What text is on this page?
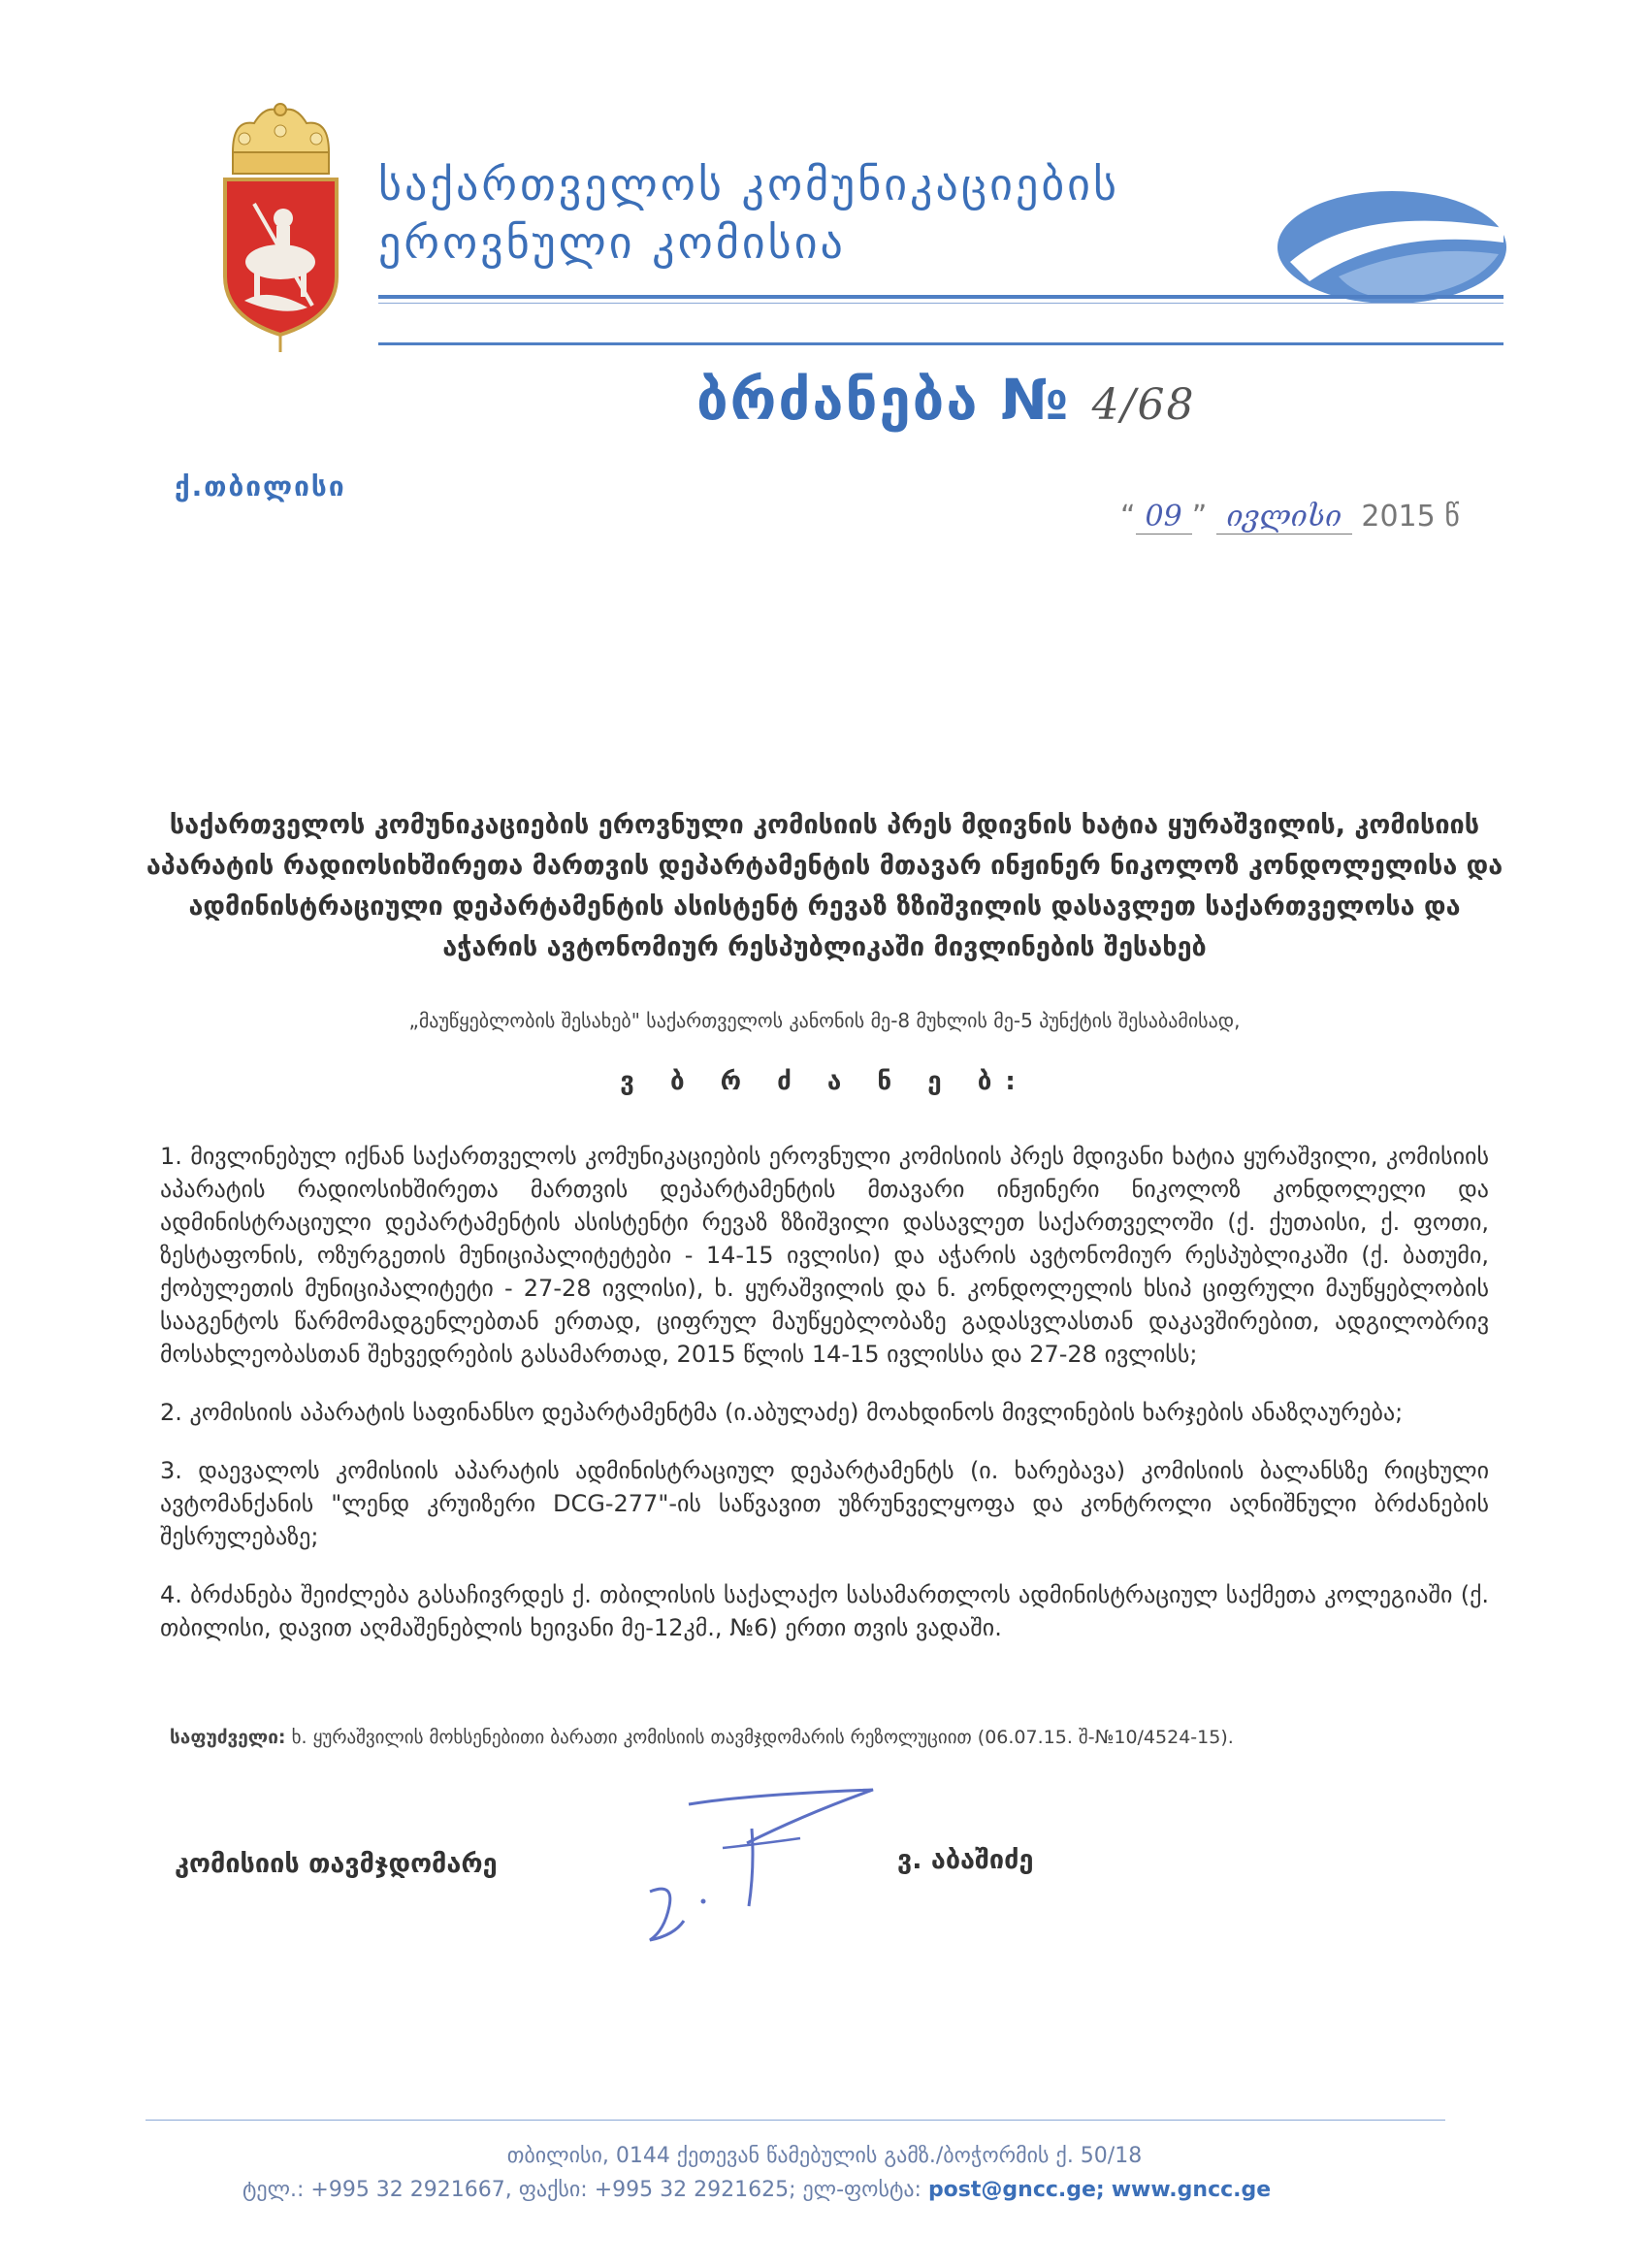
საქართველოს კომუნიკაციების
ეროვნული კომისია
ბრძანება № 4/68
ქ.თბილისი
“ 09 ” ივლისი 2015 წ
საქართველოს კომუნიკაციების ეროვნული კომისიის პრეს მდივნის ხატია ყურაშვილის, კომისიის აპარატის რადიოსიხშირეთა მართვის დეპარტამენტის მთავარ ინჟინერ ნიკოლოზ კონდოლელისა და ადმინისტრაციული დეპარტამენტის ასისტენტ რევაზ ზზიშვილის დასავლეთ საქართველოსა და აჭარის ავტონომიურ რესპუბლიკაში მივლინების შესახებ
„მაუწყებლობის შესახებ" საქართველოს კანონის მე-8 მუხლის მე-5 პუნქტის შესაბამისად,
ვ ბ რ ძ ა ნ ე ბ:
1. მივლინებულ იქნან საქართველოს კომუნიკაციების ეროვნული კომისიის პრეს მდივანი ხატია ყურაშვილი, კომისიის აპარატის რადიოსიხშირეთა მართვის დეპარტამენტის მთავარი ინჟინერი ნიკოლოზ კონდოლელი და ადმინისტრაციული დეპარტამენტის ასისტენტი რევაზ ზზიშვილი დასავლეთ საქართველოში (ქ. ქუთაისი, ქ. ფოთი, ზესტაფონის, ოზურგეთის მუნიციპალიტეტები - 14-15 ივლისი) და აჭარის ავტონომიურ რესპუბლიკაში (ქ. ბათუმი, ქობულეთის მუნიციპალიტეტი - 27-28 ივლისი), ხ. ყურაშვილის და ნ. კონდოლელის ხსიპ ციფრული მაუწყებლობის სააგენტოს წარმომადგენლებთან ერთად, ციფრულ მაუწყებლობაზე გადასვლასთან დაკავშირებით, ადგილობრივ მოსახლეობასთან შეხვედრების გასამართად, 2015 წლის 14-15 ივლისსა და 27-28 ივლისს;
2. კომისიის აპარატის საფინანსო დეპარტამენტმა (ი.აბულაძე) მოახდინოს მივლინების ხარჯების ანაზღაურება;
3. დაევალოს კომისიის აპარატის ადმინისტრაციულ დეპარტამენტს (ი. ხარებავა) კომისიის ბალანსზე რიცხული ავტომანქანის "ლენდ კრუიზერი DCG-277"-ის საწვავით უზრუნველყოფა და კონტროლი აღნიშნული ბრძანების შესრულებაზე;
4. ბრძანება შეიძლება გასაჩივრდეს ქ. თბილისის საქალაქო სასამართლოს ადმინისტრაციულ საქმეთა კოლეგიაში (ქ. თბილისი, დავით აღმაშენებლის ხეივანი მე-12კმ., №6) ერთი თვის ვადაში.
საფუძველი: ხ. ყურაშვილის მოხსენებითი ბარათი კომისიის თავმჯდომარის რეზოლუციით (06.07.15. შ-№10/4524-15).
კომისიის თავმჯდომარე	ვ. აბაშიძე
თბილისი, 0144 ქეთევან წამებულის გამზ./ბოჭორმის ქ. 50/18
ტელ.: +995 32 2921667, ფაქსი: +995 32 2921625; ელ-ფოსტა: post@gncc.ge; www.gncc.ge
